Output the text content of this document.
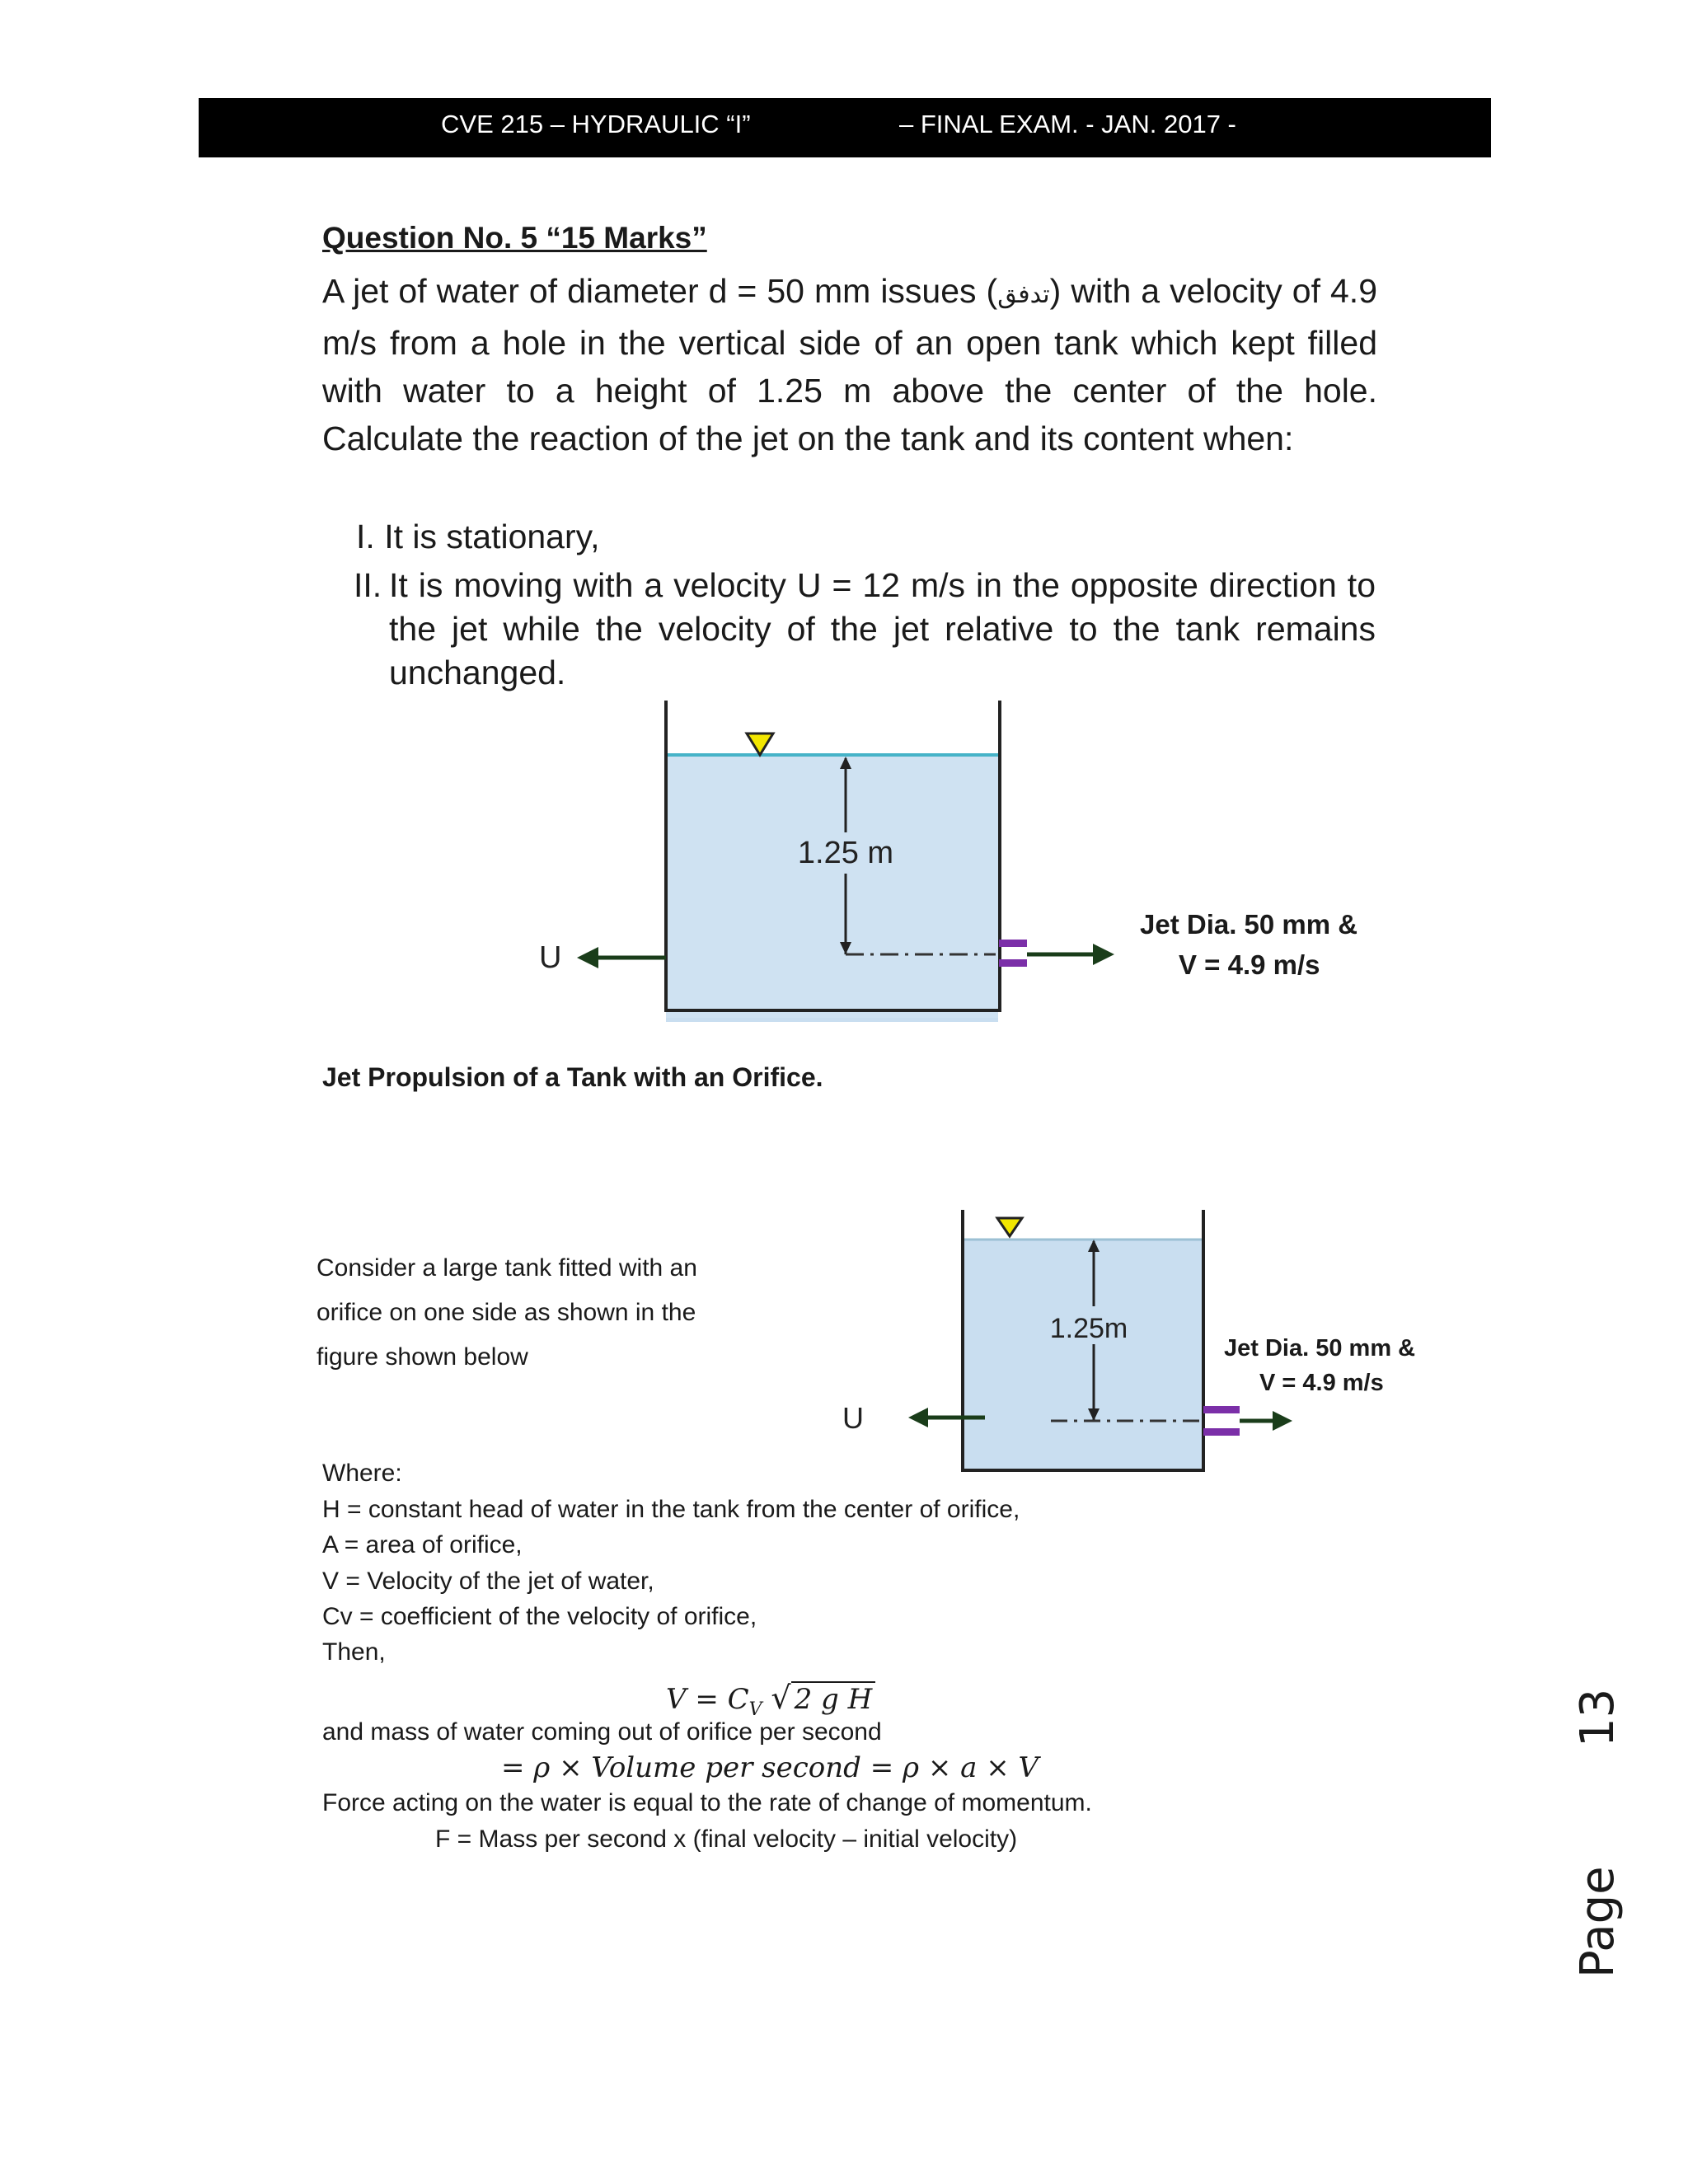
CVE 215 – HYDRAULIC “I”	– FINAL EXAM. - JAN. 2017 -
Question No. 5 “15 Marks”
A jet of water of diameter d = 50 mm issues (تدفق) with a velocity of 4.9 m/s from a hole in the vertical side of an open tank which kept filled with water to a height of 1.25 m above the center of the hole. Calculate the reaction of the jet on the tank and its content when:
I. It is stationary,
II. It is moving with a velocity U = 12 m/s in the opposite direction to the jet while the velocity of the jet relative to the tank remains unchanged.
1.25 m
U
Jet Dia. 50 mm &
V = 4.9 m/s
Jet Propulsion of a Tank with an Orifice.
Consider a large tank fitted with an
orifice on one side as shown in the
figure shown below
1.25m
U
Jet Dia. 50 mm &
V = 4.9 m/s
Where:
H = constant head of water in the tank from the center of orifice,
A = area of orifice,
V = Velocity of the jet of water,
Cv = coefficient of the velocity of orifice,
Then,
$V = C_V$ √ 2 g H
and mass of water coming out of orifice per second
= ρ × Volume per second = ρ × a × V
Force acting on the water is equal to the rate of change of momentum.
F = Mass per second x (final velocity – initial velocity)
Page
13
